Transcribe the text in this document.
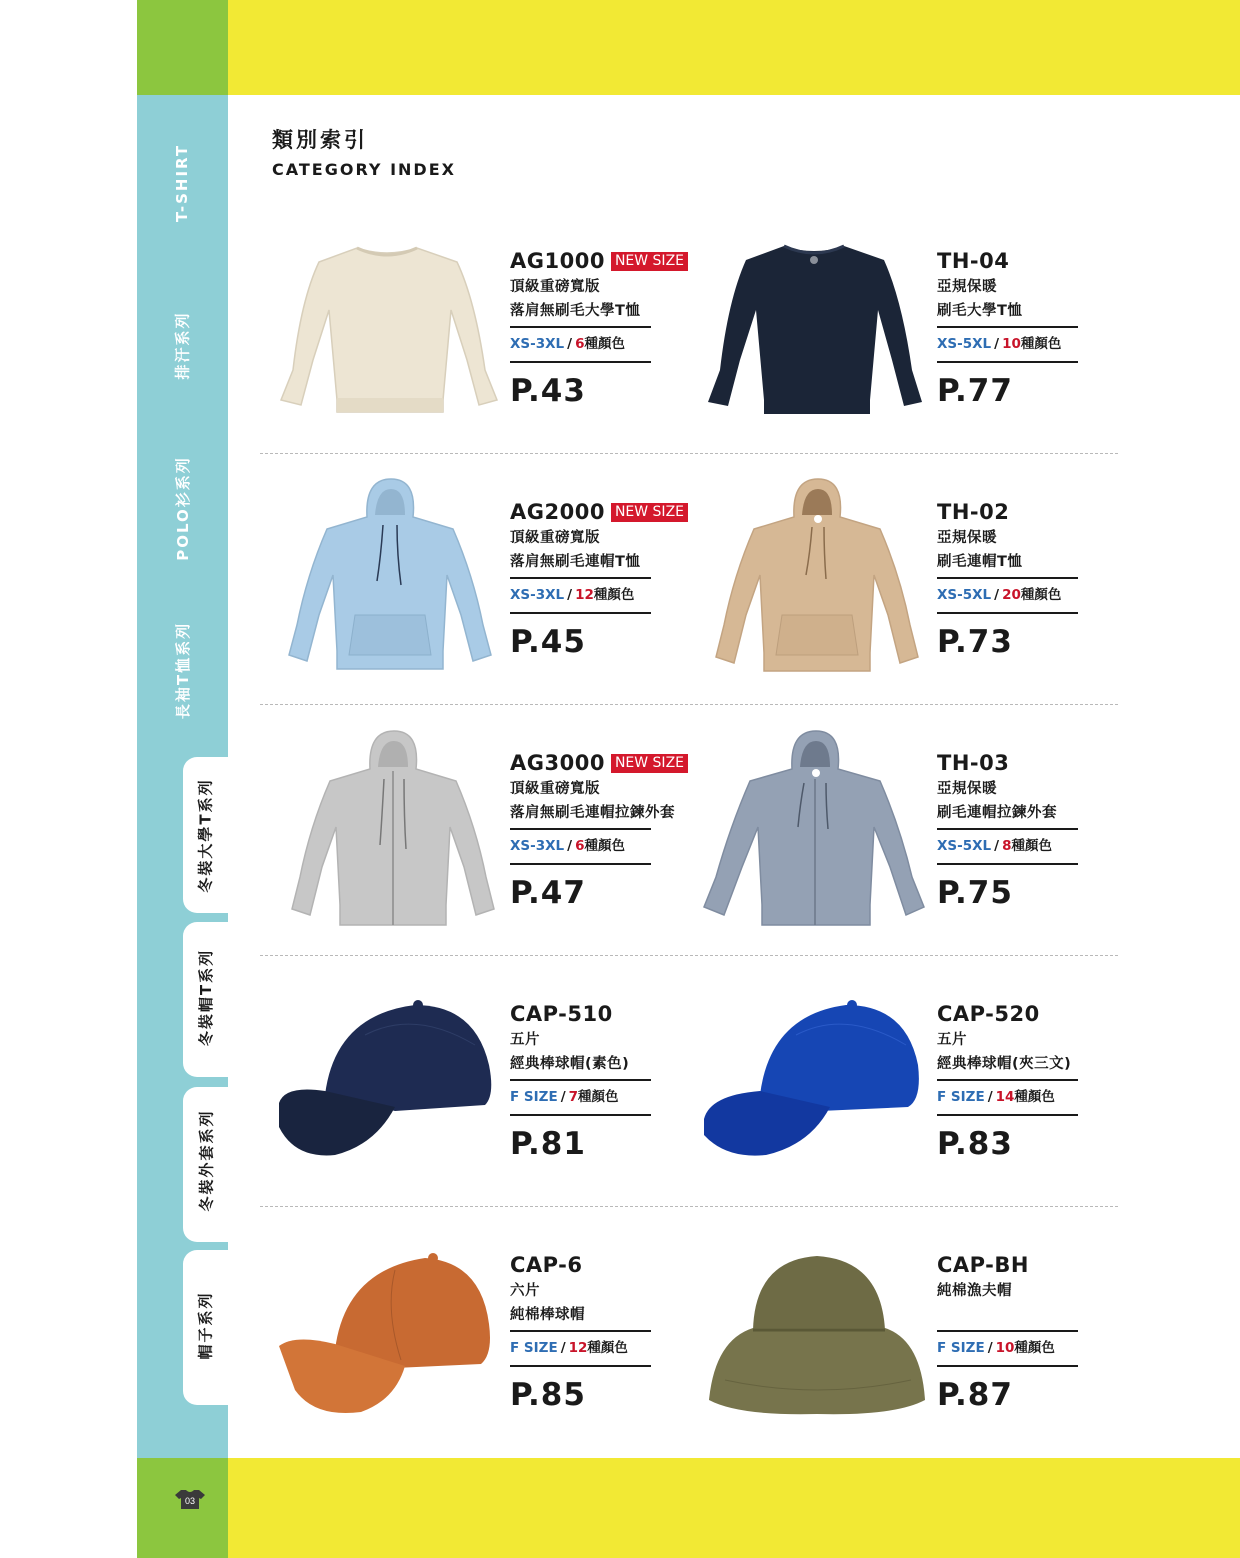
T-SHIRT
排汗系列
POLO衫系列
長袖T恤系列
冬裝大學T系列
冬裝帽T系列
冬裝外套系列
帽子系列
03
類別索引
CATEGORY INDEX
AG1000 NEW SIZE
頂級重磅寬版
落肩無刷毛大學T恤
XS-3XL / 6種顏色
P.43
TH-04
亞規保暖
刷毛大學T恤
XS-5XL / 10種顏色
P.77
AG2000 NEW SIZE
頂級重磅寬版
落肩無刷毛連帽T恤
XS-3XL / 12種顏色
P.45
TH-02
亞規保暖
刷毛連帽T恤
XS-5XL / 20種顏色
P.73
AG3000 NEW SIZE
頂級重磅寬版
落肩無刷毛連帽拉鍊外套
XS-3XL / 6種顏色
P.47
TH-03
亞規保暖
刷毛連帽拉鍊外套
XS-5XL / 8種顏色
P.75
CAP-510
五片
經典棒球帽(素色)
F SIZE / 7種顏色
P.81
CAP-520
五片
經典棒球帽(夾三文)
F SIZE / 14種顏色
P.83
CAP-6
六片
純棉棒球帽
F SIZE / 12種顏色
P.85
CAP-BH
純棉漁夫帽
F SIZE / 10種顏色
P.87
